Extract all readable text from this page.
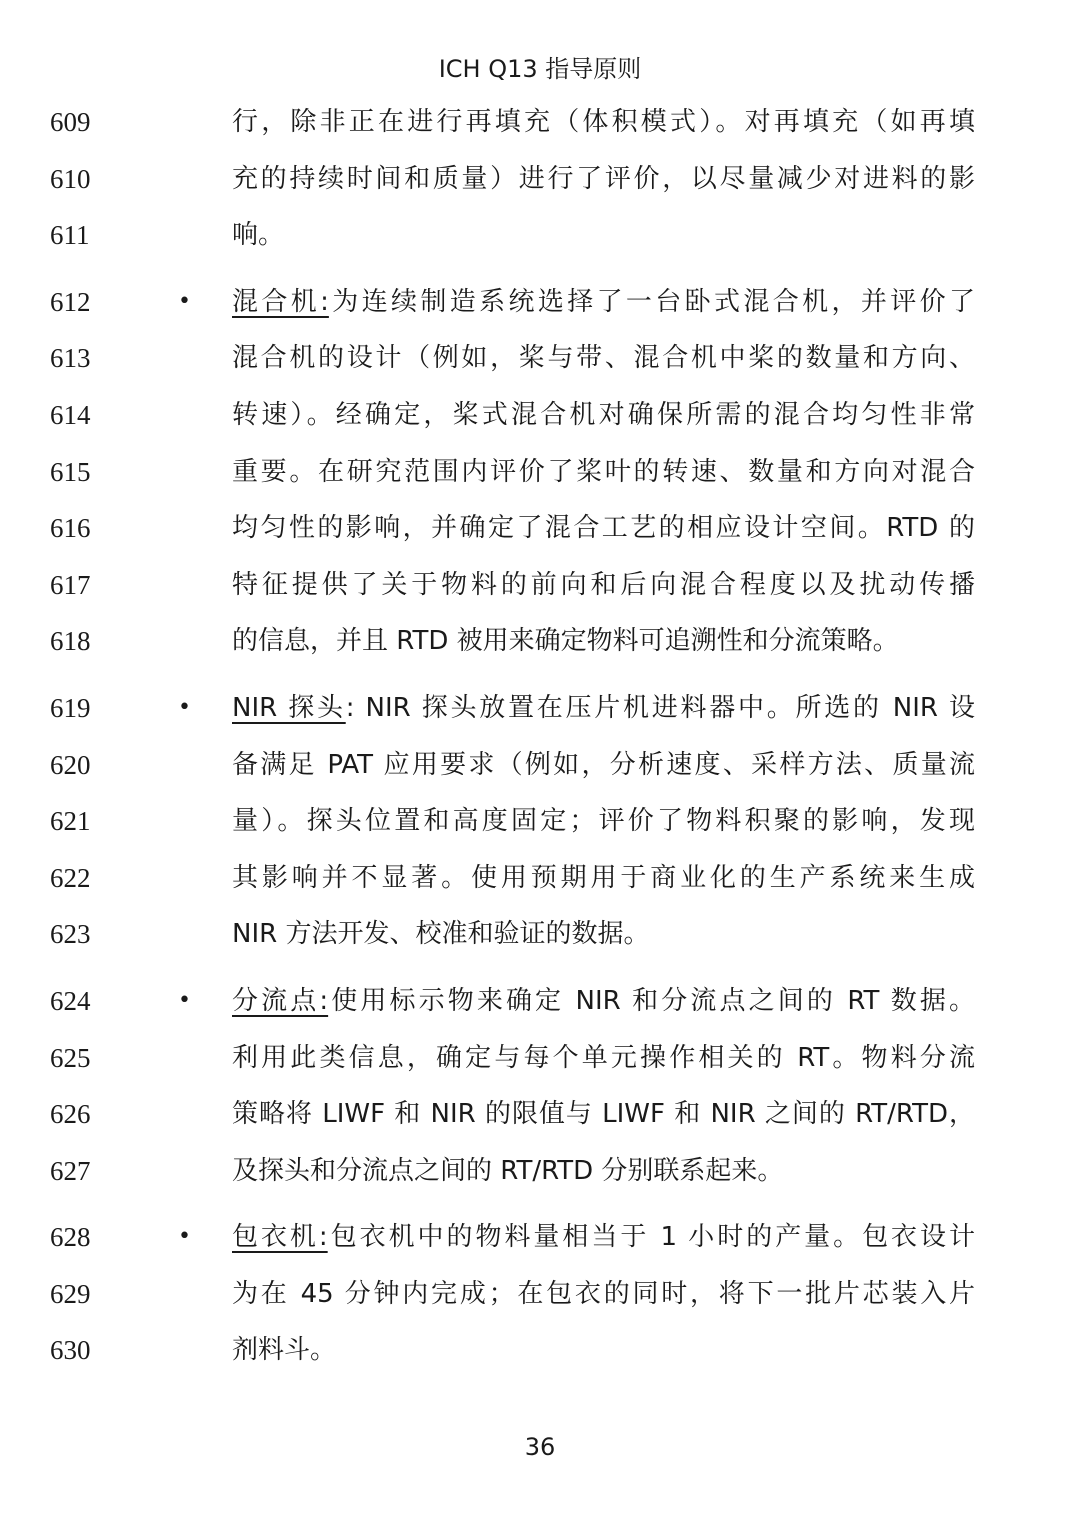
ICH Q13 指导原则
609	行，除非正在进行再填充（体积模式）。对再填充（如再填
610	充的持续时间和质量）进行了评价，以尽量减少对进料的影
611	响。
612	• 混合机:为连续制造系统选择了一台卧式混合机，并评价了
613	混合机的设计（例如，桨与带、混合机中桨的数量和方向、
614	转速）。经确定，桨式混合机对确保所需的混合均匀性非常
615	重要。在研究范围内评价了桨叶的转速、数量和方向对混合
616	均匀性的影响，并确定了混合工艺的相应设计空间。RTD 的
617	特征提供了关于物料的前向和后向混合程度以及扰动传播
618	的信息，并且 RTD 被用来确定物料可追溯性和分流策略。
619	• NIR 探头: NIR 探头放置在压片机进料器中。所选的 NIR 设
620	备满足 PAT 应用要求（例如，分析速度、采样方法、质量流
621	量）。探头位置和高度固定；评价了物料积聚的影响，发现
622	其影响并不显著。使用预期用于商业化的生产系统来生成
623	NIR 方法开发、校准和验证的数据。
624	• 分流点:使用标示物来确定 NIR 和分流点之间的 RT 数据。
625	利用此类信息，确定与每个单元操作相关的 RT。物料分流
626	策略将 LIWF 和 NIR 的限值与 LIWF 和 NIR 之间的 RT/RTD，
627	及探头和分流点之间的 RT/RTD 分别联系起来。
628	• 包衣机:包衣机中的物料量相当于 1 小时的产量。包衣设计
629	为在 45 分钟内完成；在包衣的同时，将下一批片芯装入片
630	剂料斗。
36
